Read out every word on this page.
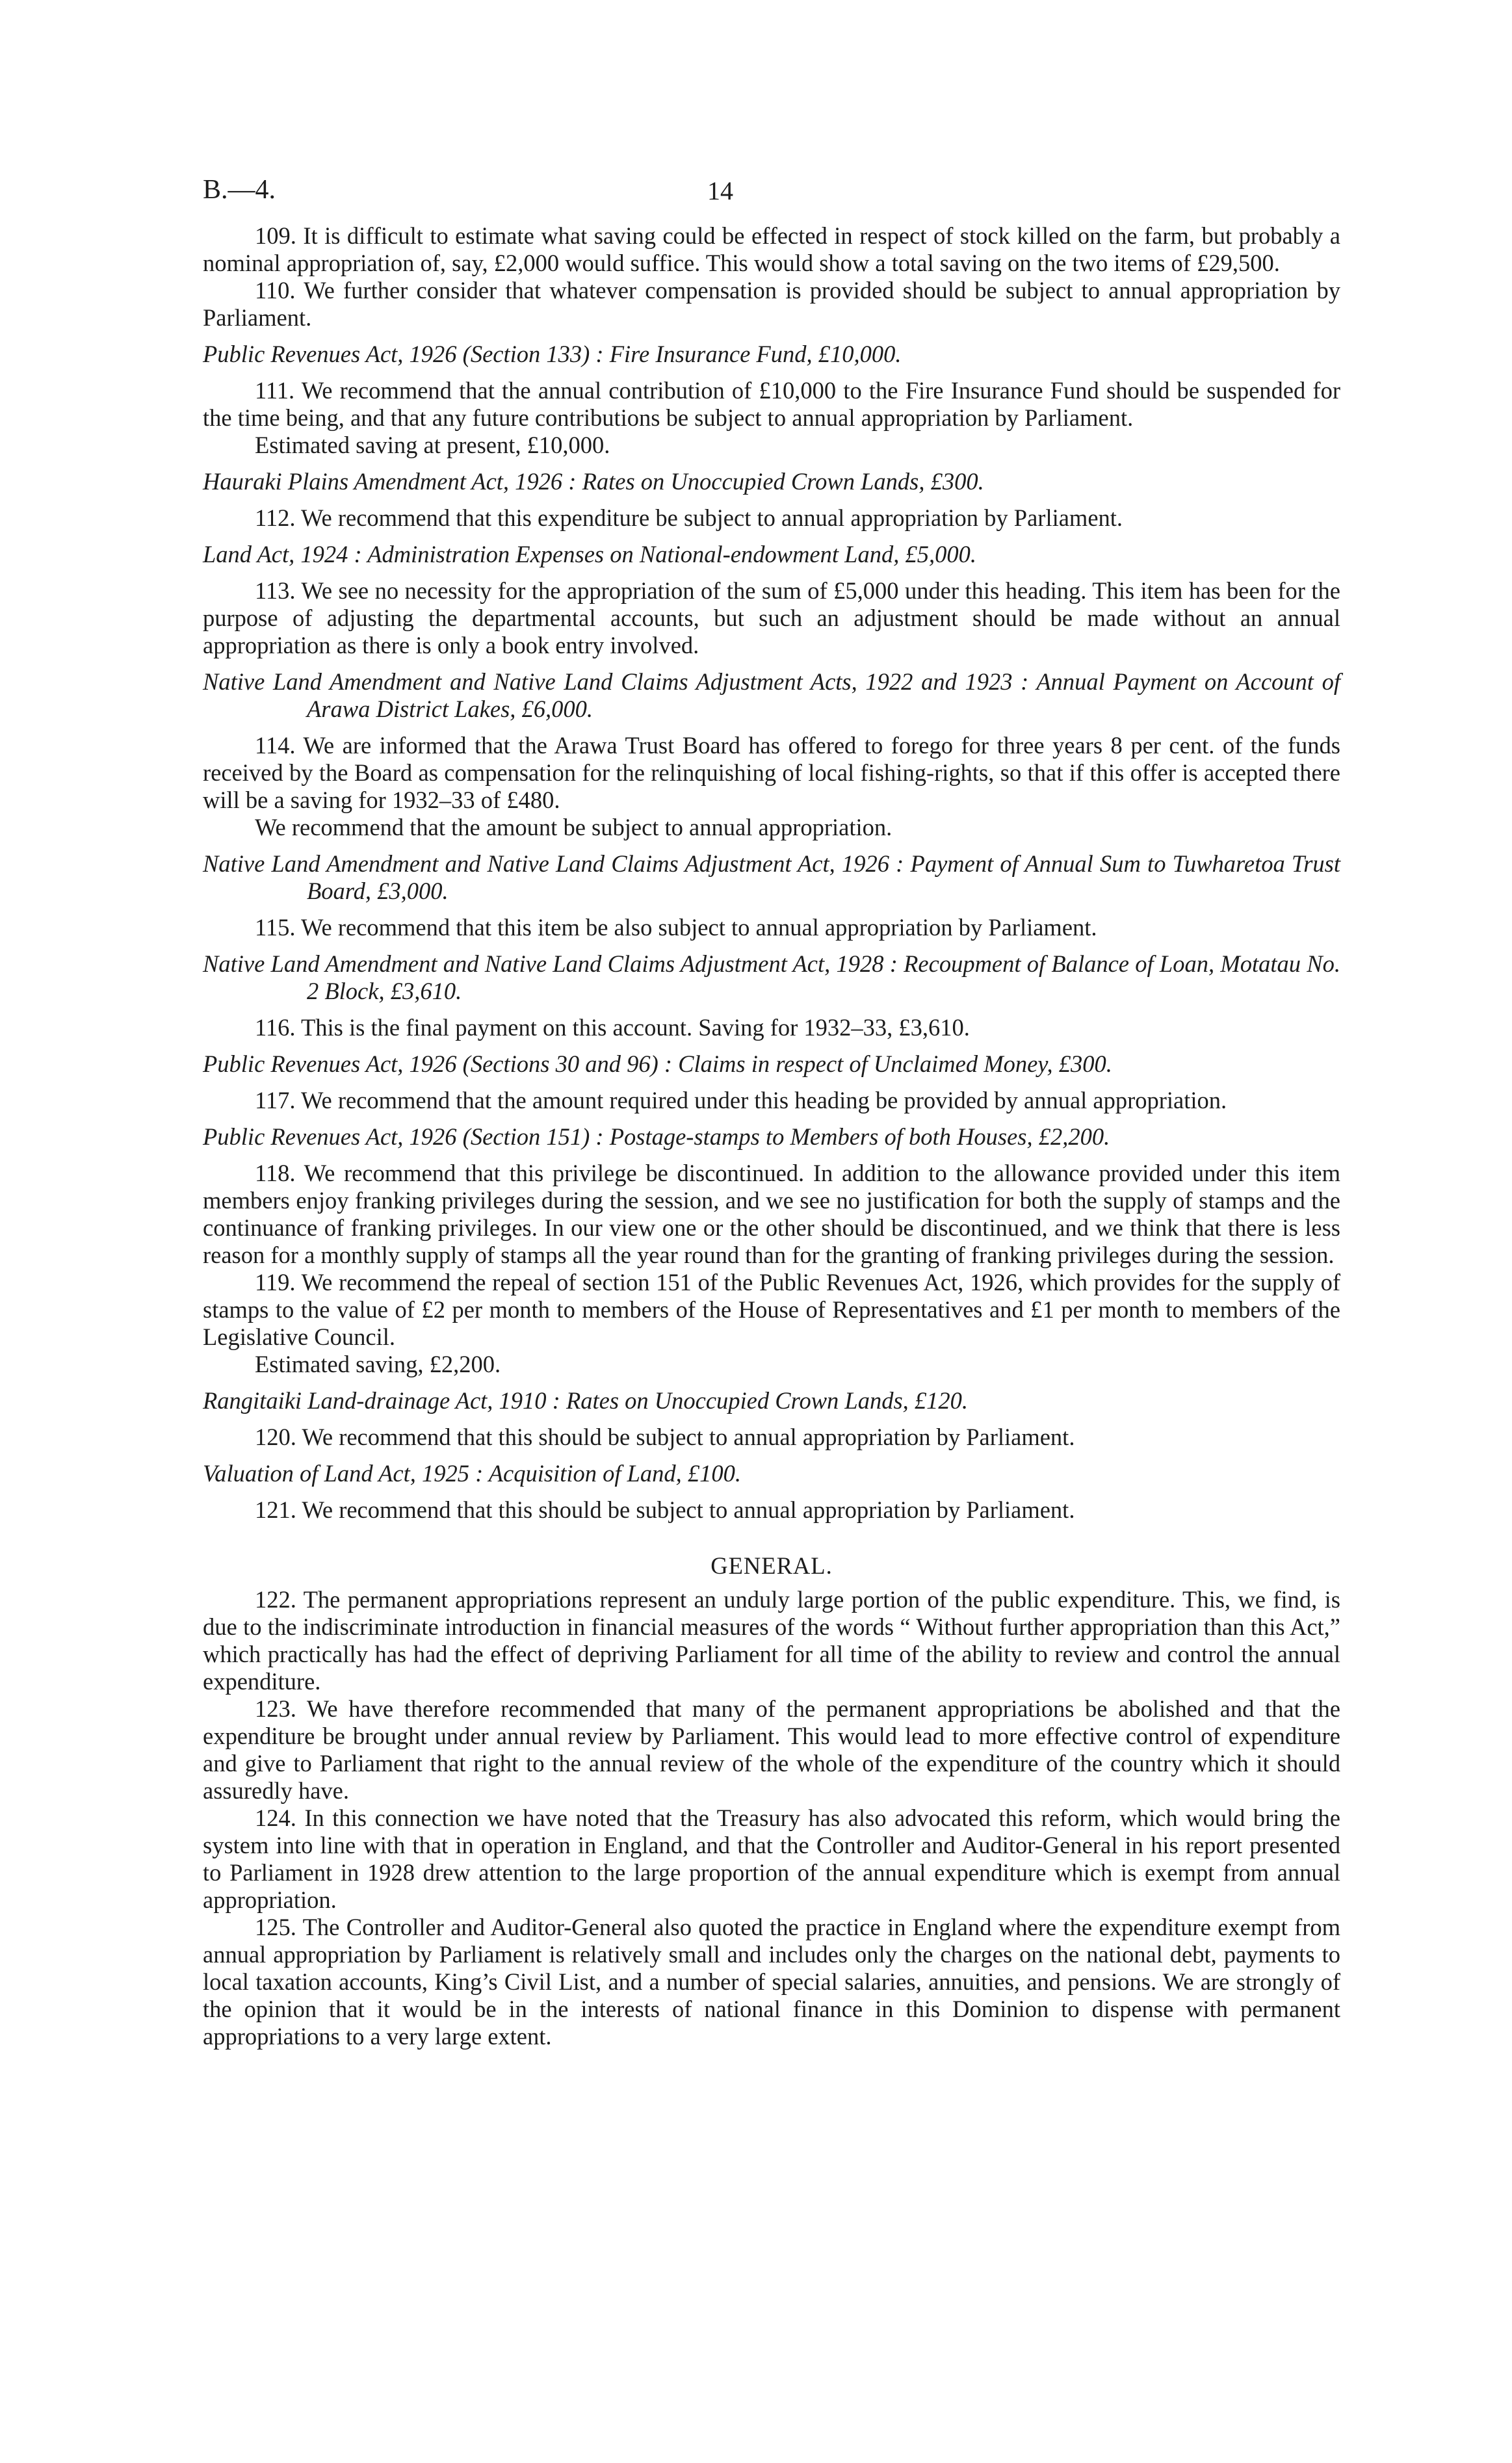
B.—4.	14

109. It is difficult to estimate what saving could be effected in respect of stock killed on the farm, but probably a nominal appropriation of, say, £2,000 would suffice. This would show a total saving on the two items of £29,500.

110. We further consider that whatever compensation is provided should be subject to annual appropriation by Parliament.

Public Revenues Act, 1926 (Section 133) : Fire Insurance Fund, £10,000.

111. We recommend that the annual contribution of £10,000 to the Fire Insurance Fund should be suspended for the time being, and that any future contributions be subject to annual appropriation by Parliament.

Estimated saving at present, £10,000.

Hauraki Plains Amendment Act, 1926 : Rates on Unoccupied Crown Lands, £300.

112. We recommend that this expenditure be subject to annual appropriation by Parliament.

Land Act, 1924 : Administration Expenses on National-endowment Land, £5,000.

113. We see no necessity for the appropriation of the sum of £5,000 under this heading. This item has been for the purpose of adjusting the departmental accounts, but such an adjustment should be made without an annual appropriation as there is only a book entry involved.

Native Land Amendment and Native Land Claims Adjustment Acts, 1922 and 1923 : Annual Payment on Account of Arawa District Lakes, £6,000.

114. We are informed that the Arawa Trust Board has offered to forego for three years 8 per cent. of the funds received by the Board as compensation for the relinquishing of local fishing-rights, so that if this offer is accepted there will be a saving for 1932–33 of £480.

We recommend that the amount be subject to annual appropriation.

Native Land Amendment and Native Land Claims Adjustment Act, 1926 : Payment of Annual Sum to Tuwharetoa Trust Board, £3,000.

115. We recommend that this item be also subject to annual appropriation by Parliament.

Native Land Amendment and Native Land Claims Adjustment Act, 1928 : Recoupment of Balance of Loan, Motatau No. 2 Block, £3,610.

116. This is the final payment on this account. Saving for 1932–33, £3,610.

Public Revenues Act, 1926 (Sections 30 and 96) : Claims in respect of Unclaimed Money, £300.

117. We recommend that the amount required under this heading be provided by annual appropriation.

Public Revenues Act, 1926 (Section 151) : Postage-stamps to Members of both Houses, £2,200.

118. We recommend that this privilege be discontinued. In addition to the allowance provided under this item members enjoy franking privileges during the session, and we see no justification for both the supply of stamps and the continuance of franking privileges. In our view one or the other should be discontinued, and we think that there is less reason for a monthly supply of stamps all the year round than for the granting of franking privileges during the session.

119. We recommend the repeal of section 151 of the Public Revenues Act, 1926, which provides for the supply of stamps to the value of £2 per month to members of the House of Representatives and £1 per month to members of the Legislative Council.

Estimated saving, £2,200.

Rangitaiki Land-drainage Act, 1910 : Rates on Unoccupied Crown Lands, £120.

120. We recommend that this should be subject to annual appropriation by Parliament.

Valuation of Land Act, 1925 : Acquisition of Land, £100.

121. We recommend that this should be subject to annual appropriation by Parliament.

GENERAL.

122. The permanent appropriations represent an unduly large portion of the public expenditure. This, we find, is due to the indiscriminate introduction in financial measures of the words “ Without further appropriation than this Act,” which practically has had the effect of depriving Parliament for all time of the ability to review and control the annual expenditure.

123. We have therefore recommended that many of the permanent appropriations be abolished and that the expenditure be brought under annual review by Parliament. This would lead to more effective control of expenditure and give to Parliament that right to the annual review of the whole of the expenditure of the country which it should assuredly have.

124. In this connection we have noted that the Treasury has also advocated this reform, which would bring the system into line with that in operation in England, and that the Controller and Auditor-General in his report presented to Parliament in 1928 drew attention to the large proportion of the annual expenditure which is exempt from annual appropriation.

125. The Controller and Auditor-General also quoted the practice in England where the expenditure exempt from annual appropriation by Parliament is relatively small and includes only the charges on the national debt, payments to local taxation accounts, King’s Civil List, and a number of special salaries, annuities, and pensions. We are strongly of the opinion that it would be in the interests of national finance in this Dominion to dispense with permanent appropriations to a very large extent.
